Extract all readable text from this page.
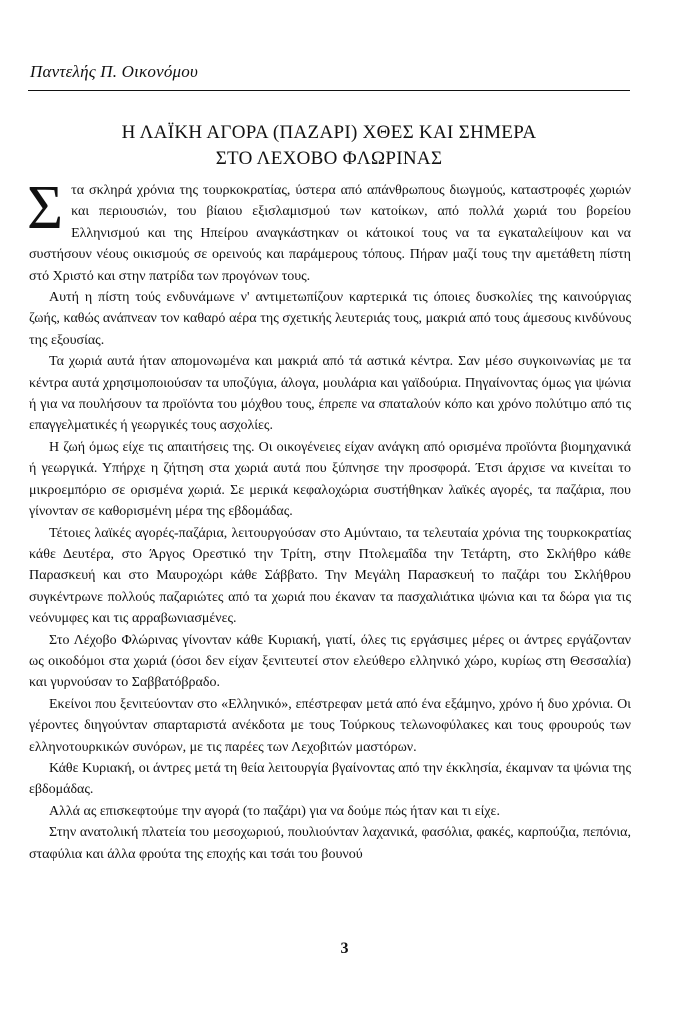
Παντελής Π. Οικονόμου
Η ΛΑΪΚΗ ΑΓΟΡΑ (ΠΑΖΑΡΙ) ΧΘΕΣ ΚΑΙ ΣΗΜΕΡΑ
ΣΤΟ ΛΕΧΟΒΟ ΦΛΩΡΙΝΑΣ

Στα σκληρά χρόνια της τουρκοκρατίας, ύστερα από απάνθρωπους διωγμούς, καταστροφές χωριών και περιουσιών, του βίαιου εξισλαμισμού των κατοίκων, από πολλά χωριά του βορείου Ελληνισμού και της Ηπείρου αναγκάστηκαν οι κάτοικοί τους να τα εγκαταλείψουν και να συστήσουν νέους οικισμούς σε ορεινούς και παράμερους τόπους. Πήραν μαζί τους την αμετάθετη πίστη στό Χριστό και στην πατρίδα των προγόνων τους.

Αυτή η πίστη τούς ενδυνάμωνε ν' αντιμετωπίζουν καρτερικά τις όποιες δυσκολίες της καινούργιας ζωής, καθώς ανάπνεαν τον καθαρό αέρα της σχετικής λευτεριάς τους, μακριά από τους άμεσους κινδύνους της εξουσίας.

Τα χωριά αυτά ήταν απομονωμένα και μακριά από τά αστικά κέντρα. Σαν μέσο συγκοινωνίας με τα κέντρα αυτά χρησιμοποιούσαν τα υποζύγια, άλογα, μουλάρια και γαϊδούρια. Πηγαίνοντας όμως για ψώνια ή για να πουλήσουν τα προϊόντα του μόχθου τους, έπρεπε να σπαταλούν κόπο και χρόνο πολύτιμο από τις επαγγελματικές ή γεωργικές τους ασχολίες.

Η ζωή όμως είχε τις απαιτήσεις της. Οι οικογένειες είχαν ανάγκη από ορισμένα προϊόντα βιομηχανικά ή γεωργικά. Υπήρχε η ζήτηση στα χωριά αυτά που ξύπνησε την προσφορά. Έτσι άρχισε να κινείται το μικροεμπόριο σε ορισμένα χωριά. Σε μερικά κεφαλοχώρια συστήθηκαν λαϊκές αγορές, τα παζάρια, που γίνονταν σε καθορισμένη μέρα της εβδομάδας.

Τέτοιες λαϊκές αγορές-παζάρια, λειτουργούσαν στο Αμύνταιο, τα τελευταία χρόνια της τουρκοκρατίας κάθε Δευτέρα, στο Άργος Ορεστικό την Τρίτη, στην Πτολεμαΐδα την Τετάρτη, στο Σκλήθρο κάθε Παρασκευή και στο Μαυροχώρι κάθε Σάββατο. Την Μεγάλη Παρασκευή το παζάρι του Σκλήθρου συγκέντρωνε πολλούς παζαριώτες από τα χωριά που έκαναν τα πασχαλιάτικα ψώνια και τα δώρα για τις νεόνυμφες και τις αρραβωνιασμένες.

Στο Λέχοβο Φλώρινας γίνονταν κάθε Κυριακή, γιατί, όλες τις εργάσιμες μέρες οι άντρες εργάζονταν ως οικοδόμοι στα χωριά (όσοι δεν είχαν ξενιτευτεί στον ελεύθερο ελληνικό χώρο, κυρίως στη Θεσσαλία) και γυρνούσαν το Σαββατόβραδο.

Εκείνοι που ξενιτεύονταν στο «Ελληνικό», επέστρεφαν μετά από ένα εξάμηνο, χρόνο ή δυο χρόνια. Οι γέροντες διηγούνταν σπαρταριστά ανέκδοτα με τους Τούρκους τελωνοφύλακες και τους φρουρούς των ελληνοτουρκικών συνόρων, με τις παρέες των Λεχοβιτών μαστόρων.

Κάθε Κυριακή, οι άντρες μετά τη θεία λειτουργία βγαίνοντας από την έκκλησία, έκαμναν τα ψώνια της εβδομάδας.

Αλλά ας επισκεφτούμε την αγορά (το παζάρι) για να δούμε πώς ήταν και τι είχε.

Στην ανατολική πλατεία του μεσοχωριού, πουλιούνταν λαχανικά, φασόλια, φακές, καρπούζια, πεπόνια, σταφύλια και άλλα φρούτα της εποχής και τσάι του βουνού

3
